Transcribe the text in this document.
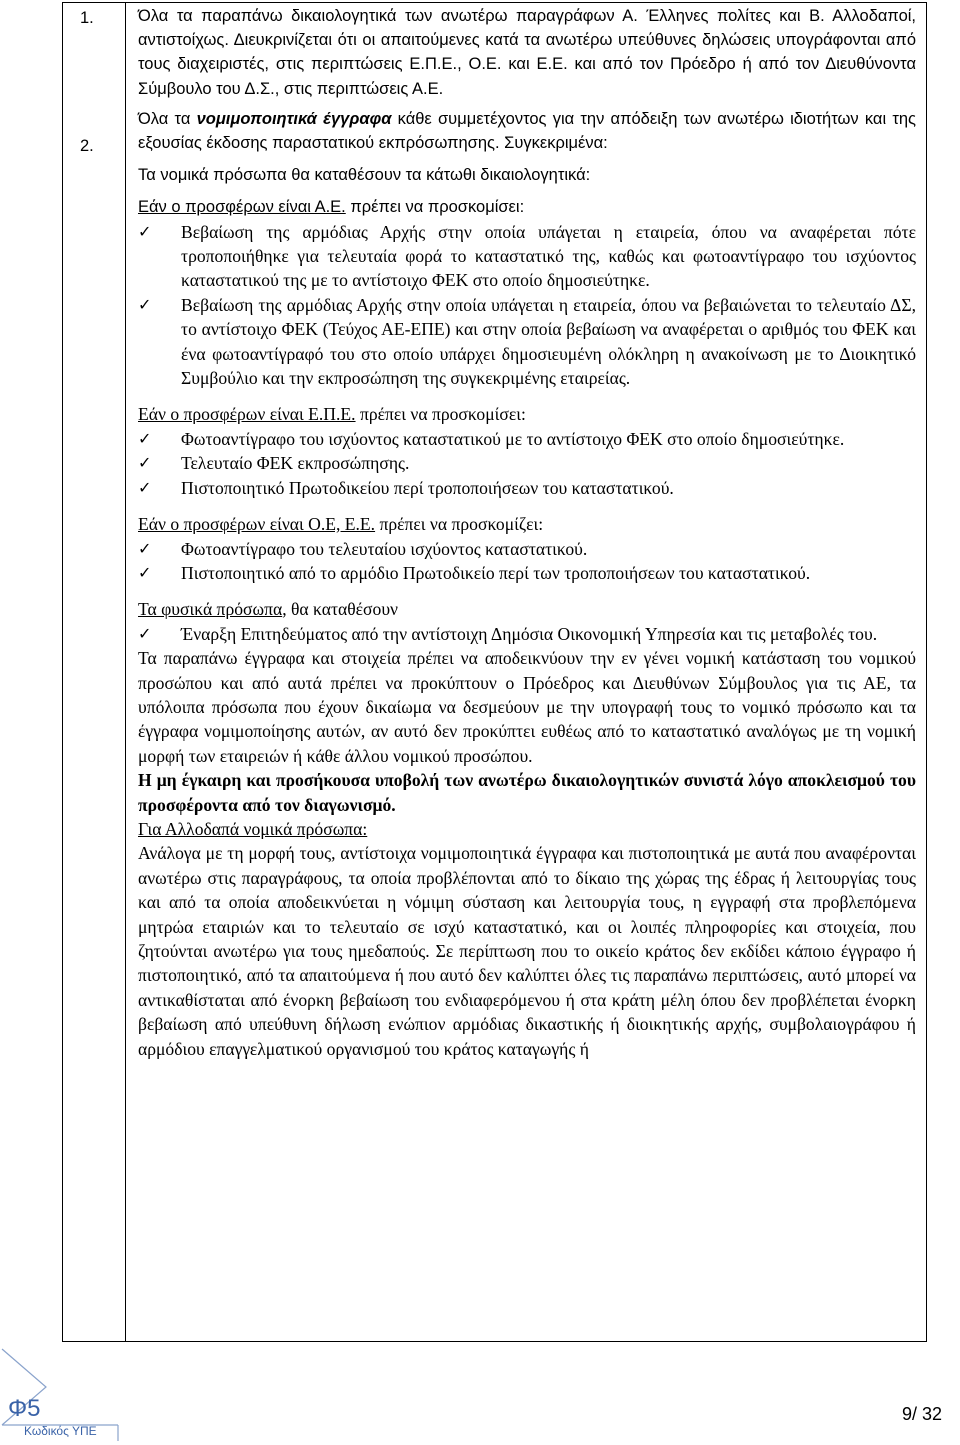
1.
2.

Όλα τα παραπάνω δικαιολογητικά των ανωτέρω παραγράφων Α. Έλληνες πολίτες και Β. Αλλοδαποί, αντιστοίχως. Διευκρινίζεται ότι οι απαιτούμενες κατά τα ανωτέρω υπεύθυνες δηλώσεις υπογράφονται από τους διαχειριστές, στις περιπτώσεις Ε.Π.Ε., Ο.Ε. και Ε.Ε. και από τον Πρόεδρο ή από τον Διευθύνοντα Σύμβουλο του Δ.Σ., στις περιπτώσεις Α.Ε.

Όλα τα νομιμοποιητικά έγγραφα κάθε συμμετέχοντος για την απόδειξη των ανωτέρω ιδιοτήτων και της εξουσίας έκδοσης παραστατικού εκπρόσωπησης. Συγκεκριμένα:

Τα νομικά πρόσωπα θα καταθέσουν τα κάτωθι δικαιολογητικά:

Εάν ο προσφέρων είναι Α.Ε. πρέπει να προσκομίσει:

✓	Βεβαίωση της αρμόδιας Αρχής στην οποία υπάγεται η εταιρεία, όπου να αναφέρεται πότε τροποποιήθηκε για τελευταία φορά το καταστατικό της, καθώς και φωτοαντίγραφο του ισχύοντος καταστατικού της με το αντίστοιχο ΦΕΚ στο οποίο δημοσιεύτηκε.
✓	Βεβαίωση της αρμόδιας Αρχής στην οποία υπάγεται η εταιρεία, όπου να βεβαιώνεται το τελευταίο ΔΣ, το αντίστοιχο ΦΕΚ (Τεύχος ΑΕ-ΕΠΕ) και στην οποία βεβαίωση να αναφέρεται ο αριθμός του ΦΕΚ και ένα φωτοαντίγραφό του στο οποίο υπάρχει δημοσιευμένη ολόκληρη η ανακοίνωση με το Διοικητικό Συμβούλιο και την εκπροσώπηση της συγκεκριμένης εταιρείας.

Εάν ο προσφέρων είναι Ε.Π.Ε. πρέπει να προσκομίσει:

✓	Φωτοαντίγραφο του ισχύοντος καταστατικού με το αντίστοιχο ΦΕΚ στο οποίο δημοσιεύτηκε.
✓	Τελευταίο ΦΕΚ εκπροσώπησης.
✓	Πιστοποιητικό Πρωτοδικείου περί τροποποιήσεων του καταστατικού.

Εάν ο προσφέρων είναι Ο.Ε, Ε.Ε. πρέπει να προσκομίζει:

✓	Φωτοαντίγραφο του τελευταίου ισχύοντος καταστατικού.
✓	Πιστοποιητικό από το αρμόδιο Πρωτοδικείο περί των τροποποιήσεων του καταστατικού.

Τα φυσικά πρόσωπα, θα καταθέσουν

✓	Έναρξη Επιτηδεύματος από την αντίστοιχη Δημόσια Οικονομική Υπηρεσία και τις μεταβολές του.

Τα παραπάνω έγγραφα και στοιχεία πρέπει να αποδεικνύουν την εν γένει νομική κατάσταση του νομικού προσώπου και από αυτά πρέπει να προκύπτουν ο Πρόεδρος και Διευθύνων Σύμβουλος για τις ΑΕ, τα υπόλοιπα πρόσωπα που έχουν δικαίωμα να δεσμεύουν με την υπογραφή τους το νομικό πρόσωπο και τα έγγραφα νομιμοποίησης αυτών, αν αυτό δεν προκύπτει ευθέως από το καταστατικό αναλόγως με τη νομική μορφή των εταιρειών ή κάθε άλλου νομικού προσώπου.

Η μη έγκαιρη και προσήκουσα υποβολή των ανωτέρω δικαιολογητικών συνιστά λόγο αποκλεισμού του προσφέροντα από τον διαγωνισμό.

Για Αλλοδαπά νομικά πρόσωπα:

Ανάλογα με τη μορφή τους, αντίστοιχα νομιμοποιητικά έγγραφα και πιστοποιητικά με αυτά που αναφέρονται ανωτέρω στις παραγράφους, τα οποία προβλέπονται από το δίκαιο της χώρας της έδρας ή λειτουργίας τους και από τα οποία αποδεικνύεται η νόμιμη σύσταση και λειτουργία τους, η εγγραφή στα προβλεπόμενα μητρώα εταιριών και το τελευταίο σε ισχύ καταστατικό, και οι λοιπές πληροφορίες και στοιχεία, που ζητούνται ανωτέρω για τους ημεδαπούς. Σε περίπτωση που το οικείο κράτος δεν εκδίδει κάποιο έγγραφο ή πιστοποιητικό, από τα απαιτούμενα ή που αυτό δεν καλύπτει όλες τις παραπάνω περιπτώσεις, αυτό μπορεί να αντικαθίσταται από ένορκη βεβαίωση του ενδιαφερόμενου ή στα κράτη μέλη όπου δεν προβλέπεται ένορκη βεβαίωση από υπεύθυνη δήλωση ενώπιον αρμόδιας δικαστικής ή διοικητικής αρχής, συμβολαιογράφου ή αρμόδιου επαγγελματικού οργανισμού του κράτος καταγωγής ή

Φ5
Κωδικός ΥΠΕ
9/ 32
